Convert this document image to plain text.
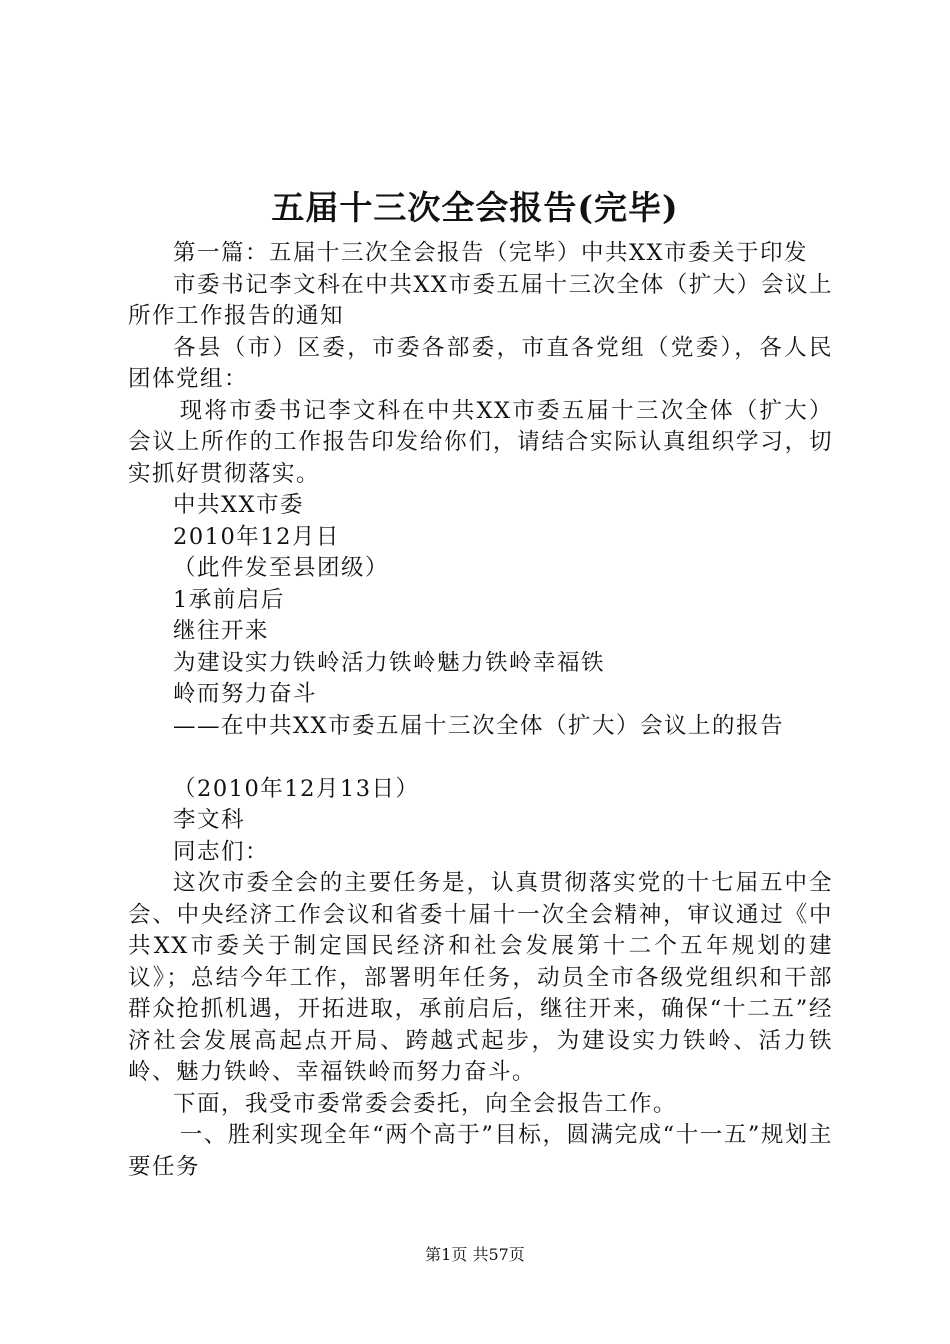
五届十三次全会报告(完毕)

第一篇：五届十三次全会报告（完毕）中共XX市委关于印发

市委书记李文科在中共XX市委五届十三次全体（扩大）会议上所作工作报告的通知

各县（市）区委，市委各部委，市直各党组（党委），各人民团体党组：

现将市委书记李文科在中共XX市委五届十三次全体（扩大）会议上所作的工作报告印发给你们，请结合实际认真组织学习，切实抓好贯彻落实。

中共XX市委

2010年12月日

（此件发至县团级）

1承前启后

继往开来

为建设实力铁岭活力铁岭魅力铁岭幸福铁

岭而努力奋斗

——在中共XX市委五届十三次全体（扩大）会议上的报告

（2010年12月13日）

李文科

同志们：

这次市委全会的主要任务是，认真贯彻落实党的十七届五中全会、中央经济工作会议和省委十届十一次全会精神，审议通过《中共XX市委关于制定国民经济和社会发展第十二个五年规划的建议》；总结今年工作，部署明年任务，动员全市各级党组织和干部群众抢抓机遇，开拓进取，承前启后，继往开来，确保“十二五”经济社会发展高起点开局、跨越式起步，为建设实力铁岭、活力铁岭、魅力铁岭、幸福铁岭而努力奋斗。

下面，我受市委常委会委托，向全会报告工作。

一、胜利实现全年“两个高于”目标，圆满完成“十一五”规划主要任务

第1页 共57页
